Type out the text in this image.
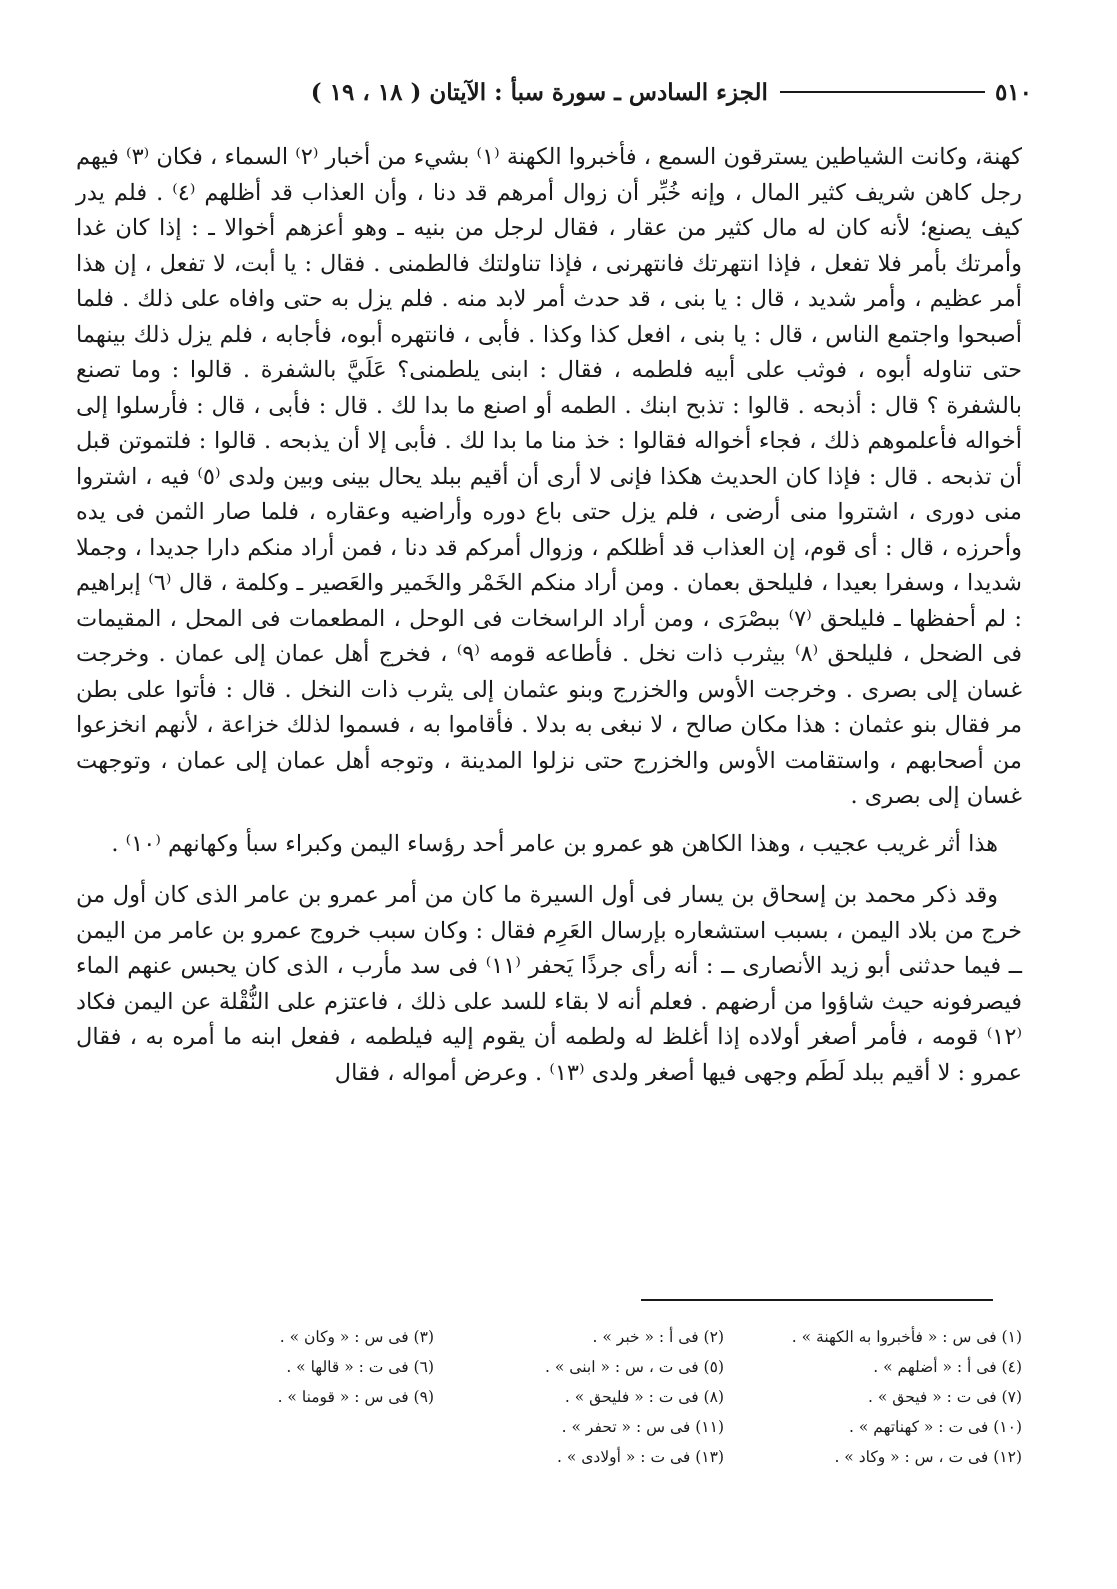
٥١٠
الجزء السادس ـ سورة سبأ : الآيتان ( ١٨ ، ١٩ )

كهنة، وكانت الشياطين يسترقون السمع ، فأخبروا الكهنة ⁽١⁾ بشيء من أخبار ⁽٢⁾ السماء ، فكان ⁽٣⁾ فيهم رجل كاهن شريف كثير المال ، وإنه خُبِّر أن زوال أمرهم قد دنا ، وأن العذاب قد أظلهم ⁽٤⁾ . فلم يدر كيف يصنع؛ لأنه كان له مال كثير من عقار ، فقال لرجل من بنيه ـ وهو أعزهم أخوالا ـ : إذا كان غدا وأمرتك بأمر فلا تفعل ، فإذا انتهرتك فانتهرنى ، فإذا تناولتك فالطمنى . فقال : يا أبت، لا تفعل ، إن هذا أمر عظيم ، وأمر شديد ، قال : يا بنى ، قد حدث أمر لابد منه . فلم يزل به حتى وافاه على ذلك . فلما أصبحوا واجتمع الناس ، قال : يا بنى ، افعل كذا وكذا . فأبى ، فانتهره أبوه، فأجابه ، فلم يزل ذلك بينهما حتى تناوله أبوه ، فوثب على أبيه فلطمه ، فقال : ابنى يلطمنى؟ عَلَيَّ بالشفرة . قالوا : وما تصنع بالشفرة ؟ قال : أذبحه . قالوا : تذبح ابنك . الطمه أو اصنع ما بدا لك . قال : فأبى ، قال : فأرسلوا إلى أخواله فأعلموهم ذلك ، فجاء أخواله فقالوا : خذ منا ما بدا لك . فأبى إلا أن يذبحه . قالوا : فلتموتن قبل أن تذبحه . قال : فإذا كان الحديث هكذا فإنى لا أرى أن أقيم ببلد يحال بينى وبين ولدى ⁽٥⁾ فيه ، اشتروا منى دورى ، اشتروا منى أرضى ، فلم يزل حتى باع دوره وأراضيه وعقاره ، فلما صار الثمن فى يده وأحرزه ، قال : أى قوم، إن العذاب قد أظلكم ، وزوال أمركم قد دنا ، فمن أراد منكم دارا جديدا ، وجملا شديدا ، وسفرا بعيدا ، فليلحق بعمان . ومن أراد منكم الخَمْر والخَمير والعَصير ـ وكلمة ، قال ⁽٦⁾ إبراهيم : لم أحفظها ـ فليلحق ⁽٧⁾ ببصْرَى ، ومن أراد الراسخات فى الوحل ، المطعمات فى المحل ، المقيمات فى الضحل ، فليلحق ⁽٨⁾ بيثرب ذات نخل . فأطاعه قومه ⁽٩⁾ ، فخرج أهل عمان إلى عمان . وخرجت غسان إلى بصرى . وخرجت الأوس والخزرج وبنو عثمان إلى يثرب ذات النخل . قال : فأتوا على بطن مر فقال بنو عثمان : هذا مكان صالح ، لا نبغى به بدلا . فأقاموا به ، فسموا لذلك خزاعة ، لأنهم انخزعوا من أصحابهم ، واستقامت الأوس والخزرج حتى نزلوا المدينة ، وتوجه أهل عمان إلى عمان ، وتوجهت غسان إلى بصرى .

هذا أثر غريب عجيب ، وهذا الكاهن هو عمرو بن عامر أحد رؤساء اليمن وكبراء سبأ وكهانهم ⁽١٠⁾ .

وقد ذكر محمد بن إسحاق بن يسار فى أول السيرة ما كان من أمر عمرو بن عامر الذى كان أول من خرج من بلاد اليمن ، بسبب استشعاره بإرسال العَرِم فقال : وكان سبب خروج عمرو بن عامر من اليمن ــ فيما حدثنى أبو زيد الأنصارى ــ : أنه رأى جرذًا يَحفر ⁽١١⁾ فى سد مأرب ، الذى كان يحبس عنهم الماء فيصرفونه حيث شاؤوا من أرضهم . فعلم أنه لا بقاء للسد على ذلك ، فاعتزم على النُّقْلة عن اليمن فكاد ⁽١٢⁾ قومه ، فأمر أصغر أولاده إذا أغلظ له ولطمه أن يقوم إليه فيلطمه ، ففعل ابنه ما أمره به ، فقال عمرو : لا أقيم ببلد لَطَم وجهى فيها أصغر ولدى ⁽١٣⁾ . وعرض أمواله ، فقال

(١) فى س : « فأخبروا به الكهنة » .
(٢) فى أ : « خبر » .
(٣) فى س : « وكان » .
(٤) فى أ : « أضلهم » .
(٥) فى ت ، س : « ابنى » .
(٦) فى ت : « قالها » .
(٧) فى ت : « فيحق » .
(٨) فى ت : « فليحق » .
(٩) فى س : « قومنا » .
(١٠) فى ت : « كهناتهم » .
(١١) فى س : « تحفر » .
(١٢) فى ت ، س : « وكاد » .
(١٣) فى ت : « أولادى » .
